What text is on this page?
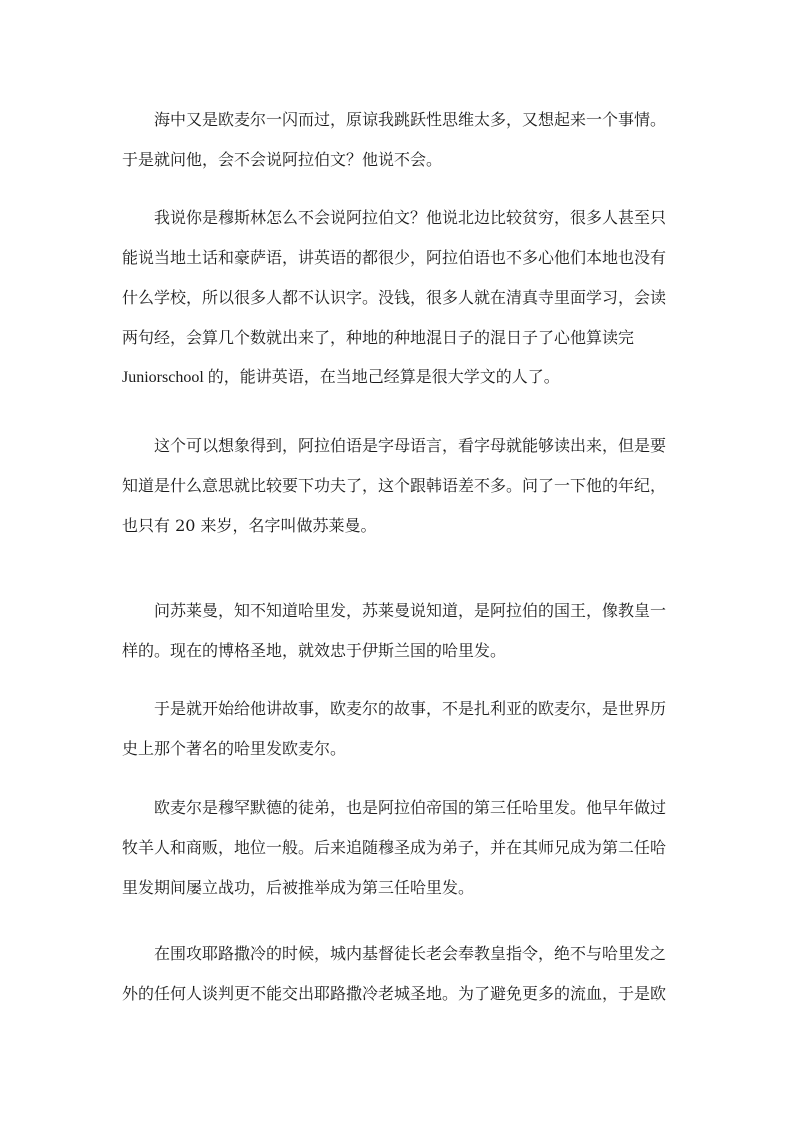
海中又是欧麦尔一闪而过，原谅我跳跃性思维太多，又想起来一个事情。
于是就问他，会不会说阿拉伯文？他说不会。
我说你是穆斯林怎么不会说阿拉伯文？他说北边比较贫穷，很多人甚至只
能说当地土话和豪萨语，讲英语的都很少，阿拉伯语也不多心他们本地也没有
什么学校，所以很多人都不认识字。没钱，很多人就在清真寺里面学习，会读
两句经，会算几个数就出来了，种地的种地混日子的混日子了心他算读完
Juniorschool 的，能讲英语，在当地己经算是很大学文的人了。
这个可以想象得到，阿拉伯语是字母语言，看字母就能够读出来，但是要
知道是什么意思就比较要下功夫了，这个跟韩语差不多。问了一下他的年纪，
也只有 20 来岁，名字叫做苏莱曼。
问苏莱曼，知不知道哈里发，苏莱曼说知道，是阿拉伯的国王，像教皇一
样的。现在的博格圣地，就效忠于伊斯兰国的哈里发。
于是就开始给他讲故事，欧麦尔的故事，不是扎利亚的欧麦尔，是世界历
史上那个著名的哈里发欧麦尔。
欧麦尔是穆罕默德的徒弟，也是阿拉伯帝国的第三任哈里发。他早年做过
牧羊人和商贩，地位一般。后来追随穆圣成为弟子，并在其师兄成为第二任哈
里发期间屡立战功，后被推举成为第三任哈里发。
在围攻耶路撒冷的时候，城内基督徒长老会奉教皇指令，绝不与哈里发之
外的任何人谈判更不能交出耶路撒冷老城圣地。为了避免更多的流血，于是欧
